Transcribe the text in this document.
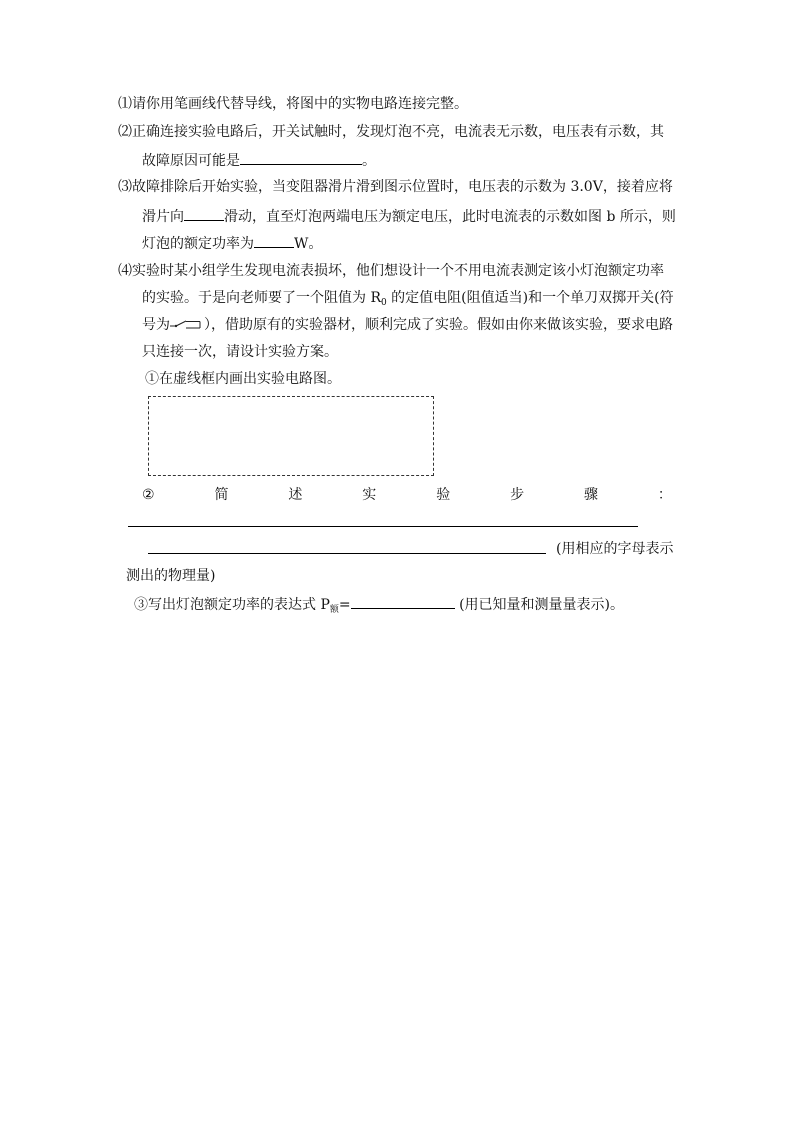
⑴请你用笔画线代替导线，将图中的实物电路连接完整。
⑵正确连接实验电路后，开关试触时，发现灯泡不亮，电流表无示数，电压表有示数，其
故障原因可能是	。
⑶故障排除后开始实验，当变阻器滑片滑到图示位置时，电压表的示数为 3.0V，接着应将
滑片向	滑动，直至灯泡两端电压为额定电压，此时电流表的示数如图 b 所示，则
灯泡的额定功率为	W。
⑷实验时某小组学生发现电流表损坏，他们想设计一个不用电流表测定该小灯泡额定功率
的实验。于是向老师要了一个阻值为 $R_0$ 的定值电阻(阻值适当)和一个单刀双掷开关(符
号为 ），借助原有的实验器材，顺利完成了实验。假如由你来做该实验，要求电路
只连接一次，请设计实验方案。
①在虚线框内画出实验电路图。
②	简	述	实	验	步	骤	：
(用相应的字母表示
测出的物理量)
③写出灯泡额定功率的表达式 $P_额=$	(用已知量和测量量表示)。
